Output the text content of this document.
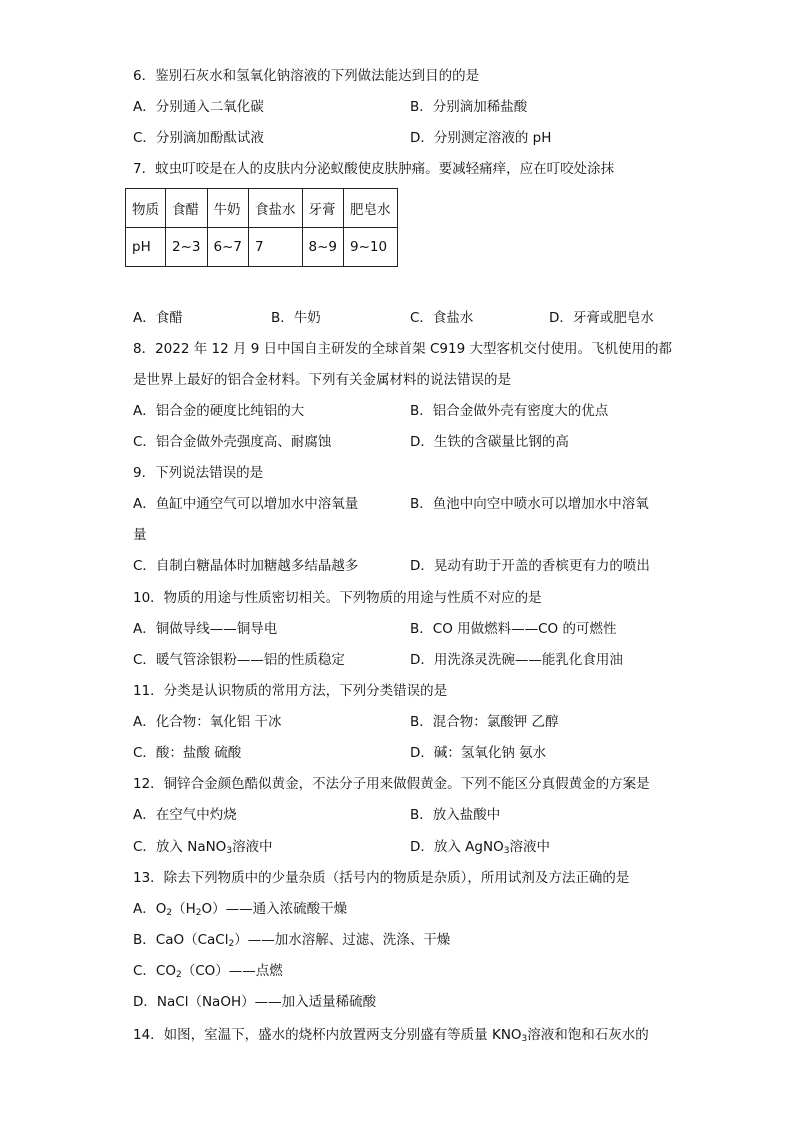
6．鉴别石灰水和氢氧化钠溶液的下列做法能达到目的的是
A．分别通入二氧化碳	B．分别滴加稀盐酸
C．分别滴加酚酞试液	D．分别测定溶液的 pH
7．蚊虫叮咬是在人的皮肤内分泌蚁酸使皮肤肿痛。要减轻痛痒，应在叮咬处涂抹
物质	食醋	牛奶	食盐水	牙膏	肥皂水
pH	2~3	6~7	7	8~9	9~10
A．食醋	B．牛奶	C．食盐水	D．牙膏或肥皂水
8．2022 年 12 月 9 日中国自主研发的全球首架 C919 大型客机交付使用。飞机使用的都
是世界上最好的铝合金材料。下列有关金属材料的说法错误的是
A．铝合金的硬度比纯铝的大	B．铝合金做外壳有密度大的优点
C．铝合金做外壳强度高、耐腐蚀	D．生铁的含碳量比钢的高
9．下列说法错误的是
A．鱼缸中通空气可以增加水中溶氧量	B．鱼池中向空中喷水可以增加水中溶氧
量
C．自制白糖晶体时加糖越多结晶越多	D．晃动有助于开盖的香槟更有力的喷出
10．物质的用途与性质密切相关。下列物质的用途与性质不对应的是
A．铜做导线——铜导电	B．CO 用做燃料——CO 的可燃性
C．暖气管涂银粉——铝的性质稳定	D．用洗涤灵洗碗——能乳化食用油
11．分类是认识物质的常用方法，下列分类错误的是
A．化合物：氧化铝 干冰	B．混合物：氯酸钾 乙醇
C．酸：盐酸 硫酸	D．碱：氢氧化钠 氨水
12．铜锌合金颜色酷似黄金，不法分子用来做假黄金。下列不能区分真假黄金的方案是
A．在空气中灼烧	B．放入盐酸中
C．放入 NaNO$_3$溶液中	D．放入 AgNO$_3$溶液中
13．除去下列物质中的少量杂质（括号内的物质是杂质），所用试剂及方法正确的是
A．$O_2(H_2O)——$通入浓硫酸干燥
B．CaO（CaCl$_2$）——加水溶解、过滤、洗涤、干燥
C．$CO_2(CO)——$点燃
D．NaCl（NaOH）——加入适量稀硫酸
14．如图，室温下，盛水的烧杯内放置两支分别盛有等质量 $KNO_3$溶液和饱和石灰水的
